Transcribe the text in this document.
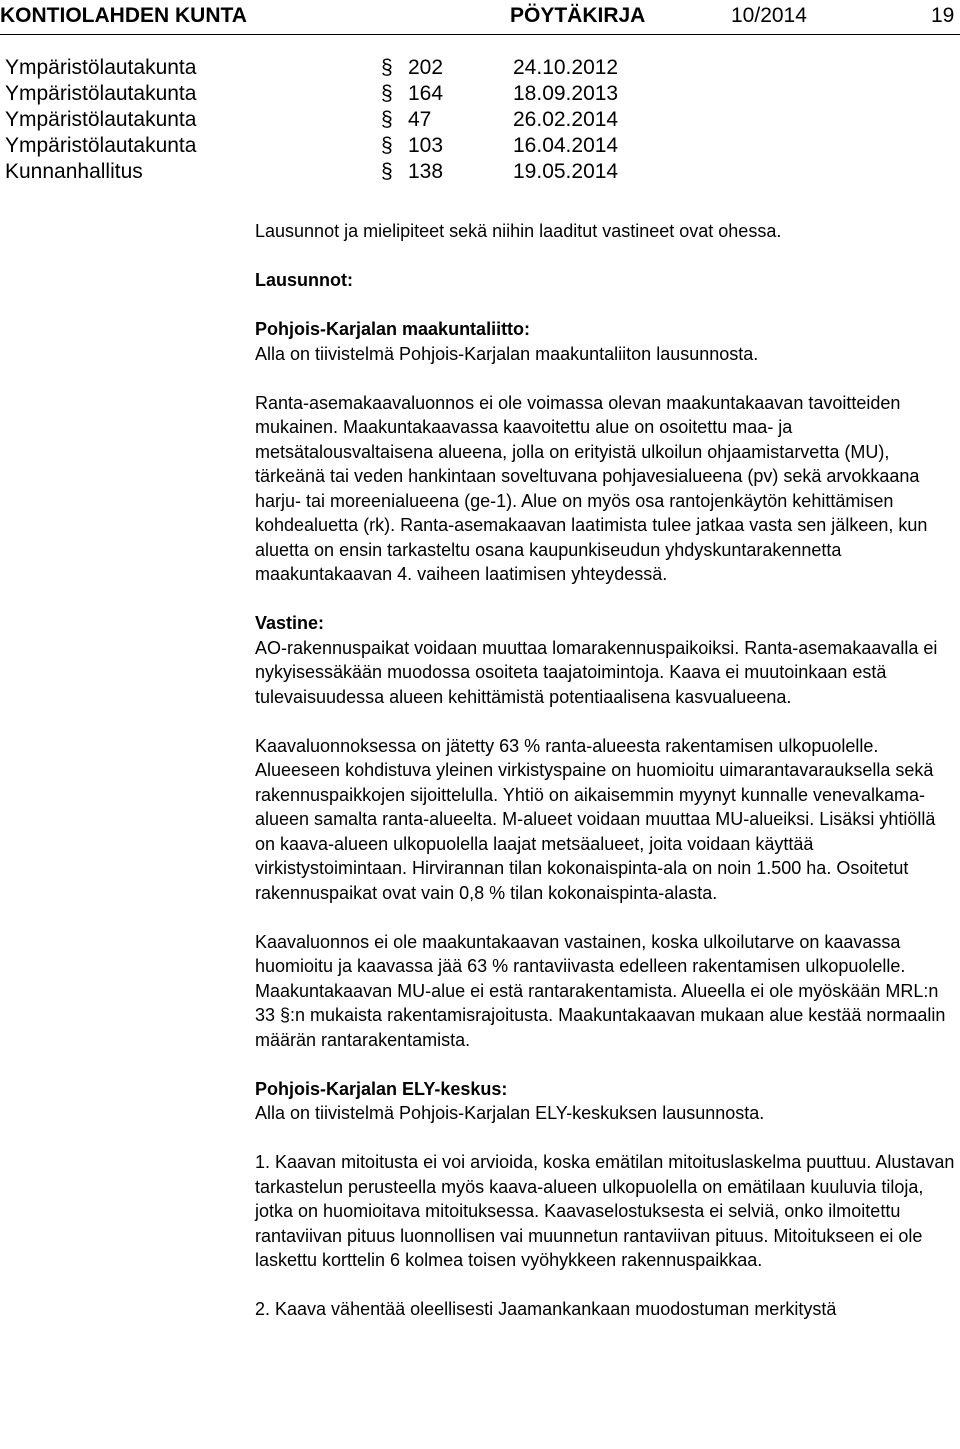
KONTIOLAHDEN KUNTA	PÖYTÄKIRJA	10/2014	19
Ympäristölautakunta	§ 202	24.10.2012
Ympäristölautakunta	§ 164	18.09.2013
Ympäristölautakunta	§ 47	26.02.2014
Ympäristölautakunta	§ 103	16.04.2014
Kunnanhallitus	§ 138	19.05.2014

Lausunnot ja mielipiteet sekä niihin laaditut vastineet ovat ohessa.

Lausunnot:

Pohjois-Karjalan maakuntaliitto:

Alla on tiivistelmä Pohjois-Karjalan maakuntaliiton lausunnosta.

Ranta-asemakaavaluonnos ei ole voimassa olevan maakuntakaavan tavoitteiden mukainen. Maakuntakaavassa kaavoitettu alue on osoitettu maa- ja metsätalousvaltaisena alueena, jolla on erityistä ulkoilun ohjaamistarvetta (MU), tärkeänä tai veden hankintaan soveltuvana pohjavesialueena (pv) sekä arvokkaana harju- tai moreenialueena (ge-1). Alue on myös osa rantojenkäytön kehittämisen kohdealuetta (rk). Ranta-asemakaavan laatimista tulee jatkaa vasta sen jälkeen, kun aluetta on ensin tarkasteltu osana kaupunkiseudun yhdyskuntarakennetta maakuntakaavan 4. vaiheen laatimisen yhteydessä.

Vastine:

AO-rakennuspaikat voidaan muuttaa lomarakennuspaikoiksi. Ranta-asemakaavalla ei nykyisessäkään muodossa osoiteta taajatoimintoja. Kaava ei muutoinkaan estä tulevaisuudessa alueen kehittämistä potentiaalisena kasvualueena.

Kaavaluonnoksessa on jätetty 63 % ranta-alueesta rakentamisen ulkopuolelle. Alueeseen kohdistuva yleinen virkistyspaine on huomioitu uimarantavarauksella sekä rakennuspaikkojen sijoittelulla. Yhtiö on aikaisemmin myynyt kunnalle venevalkama-alueen samalta ranta-alueelta. M-alueet voidaan muuttaa MU-alueiksi. Lisäksi yhtiöllä on kaava-alueen ulkopuolella laajat metsäalueet, joita voidaan käyttää virkistystoimintaan. Hirvirannan tilan kokonaispinta-ala on noin 1.500 ha. Osoitetut rakennuspaikat ovat vain 0,8 % tilan kokonaispinta-alasta.

Kaavaluonnos ei ole maakuntakaavan vastainen, koska ulkoilutarve on kaavassa huomioitu ja kaavassa jää 63 % rantaviivasta edelleen rakentamisen ulkopuolelle. Maakuntakaavan MU-alue ei estä rantarakentamista. Alueella ei ole myöskään MRL:n 33 §:n mukaista rakentamisrajoitusta. Maakuntakaavan mukaan alue kestää normaalin määrän rantarakentamista.

Pohjois-Karjalan ELY-keskus:

Alla on tiivistelmä Pohjois-Karjalan ELY-keskuksen lausunnosta.

1. Kaavan mitoitusta ei voi arvioida, koska emätilan mitoituslaskelma puuttuu. Alustavan tarkastelun perusteella myös kaava-alueen ulkopuolella on emätilaan kuuluvia tiloja, jotka on huomioitava mitoituksessa. Kaavaselostuksesta ei selviä, onko ilmoitettu rantaviivan pituus luonnollisen vai muunnetun rantaviivan pituus. Mitoitukseen ei ole laskettu korttelin 6 kolmea toisen vyöhykkeen rakennuspaikkaa.

2. Kaava vähentää oleellisesti Jaamankankaan muodostuman merkitystä
